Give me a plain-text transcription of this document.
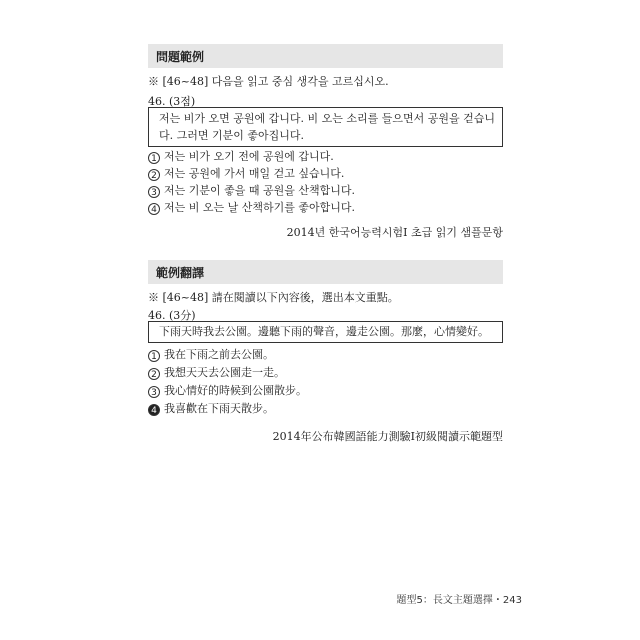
問題範例
※ [46~48] 다음을 읽고 중심 생각을 고르십시오.
46. (3점)
저는 비가 오면 공원에 갑니다. 비 오는 소리를 들으면서 공원을 걷습니다. 그러면 기분이 좋아집니다.
1 저는 비가 오기 전에 공원에 갑니다.
2 저는 공원에 가서 매일 걷고 싶습니다.
3 저는 기분이 좋을 때 공원을 산책합니다.
4 저는 비 오는 날 산책하기를 좋아합니다.
2014년 한국어능력시험Ⅰ 초급 읽기 샘플문항
範例翻譯
※ [46~48] 請在閱讀以下內容後，選出本文重點。
46. (3分)
下雨天時我去公園。邊聽下雨的聲音，邊走公園。那麼，心情變好。
1 我在下雨之前去公園。
2 我想天天去公園走一走。
3 我心情好的時候到公園散步。
4 我喜歡在下雨天散步。
2014年公布韓國語能力測驗Ⅰ初級閱讀示範題型
題型5：長文主題選擇・243
